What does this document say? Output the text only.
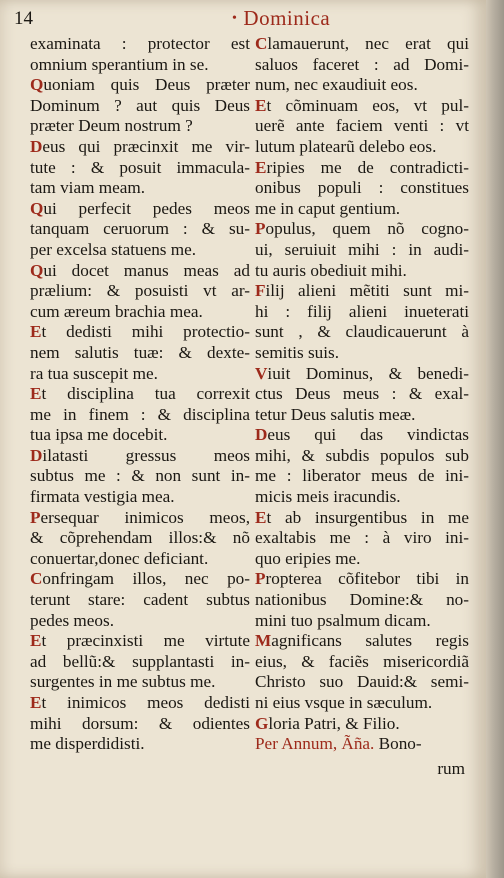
14	• Dominica
examinata : protector est
omnium sperantium in se.
Quoniam quis Deus præter
Dominum ? aut quis Deus
præter Deum nostrum ?
Deus qui præcinxit me vir-
tute : & posuit immacula-
tam viam meam.
Qui perfecit pedes meos
tanquam ceruorum : & su-
per excelsa statuens me.
Qui docet manus meas ad
prælium: & posuisti vt ar-
cum æreum brachia mea.
Et dedisti mihi protectio-
nem salutis tuæ: & dexte-
ra tua suscepit me.
Et disciplina tua correxit
me in finem : & disciplina
tua ipsa me docebit.
Dilatasti gressus meos
subtus me : & non sunt in-
firmata vestigia mea.
Persequar inimicos meos,
& cõprehendam illos:& nõ
conuertar,donec deficiant.
Confringam illos, nec po-
terunt stare: cadent subtus
pedes meos.
Et præcinxisti me virtute
ad bellũ:& supplantasti in-
surgentes in me subtus me.
Et inimicos meos dedisti
mihi dorsum: & odientes
me disperdidisti.
Clamauerunt, nec erat qui
saluos faceret : ad Domi-
num, nec exaudiuit eos.
Et cõminuam eos, vt pul-
uerẽ ante faciem venti : vt
lutum platearũ delebo eos.
Eripies me de contradicti-
onibus populi : constitues
me in caput gentium.
Populus, quem nõ cogno-
ui, seruiuit mihi : in audi-
tu auris obediuit mihi.
Filij alieni mẽtiti sunt mi-
hi : filij alieni inueterati
sunt , & claudicauerunt à
semitis suis.
Viuit Dominus, & benedi-
ctus Deus meus : & exal-
tetur Deus salutis meæ.
Deus qui das vindictas
mihi, & subdis populos sub
me : liberator meus de ini-
micis meis iracundis.
Et ab insurgentibus in me
exaltabis me : à viro ini-
quo eripies me.
Propterea cõfitebor tibi in
nationibus Domine:& no-
mini tuo psalmum dicam.
Magnificans salutes regis
eius, & faciẽs misericordiã
Christo suo Dauid:& semi-
ni eius vsque in sæculum.
Gloria Patri, & Filio.
Per Annum, Ãña. Bono-
rum
